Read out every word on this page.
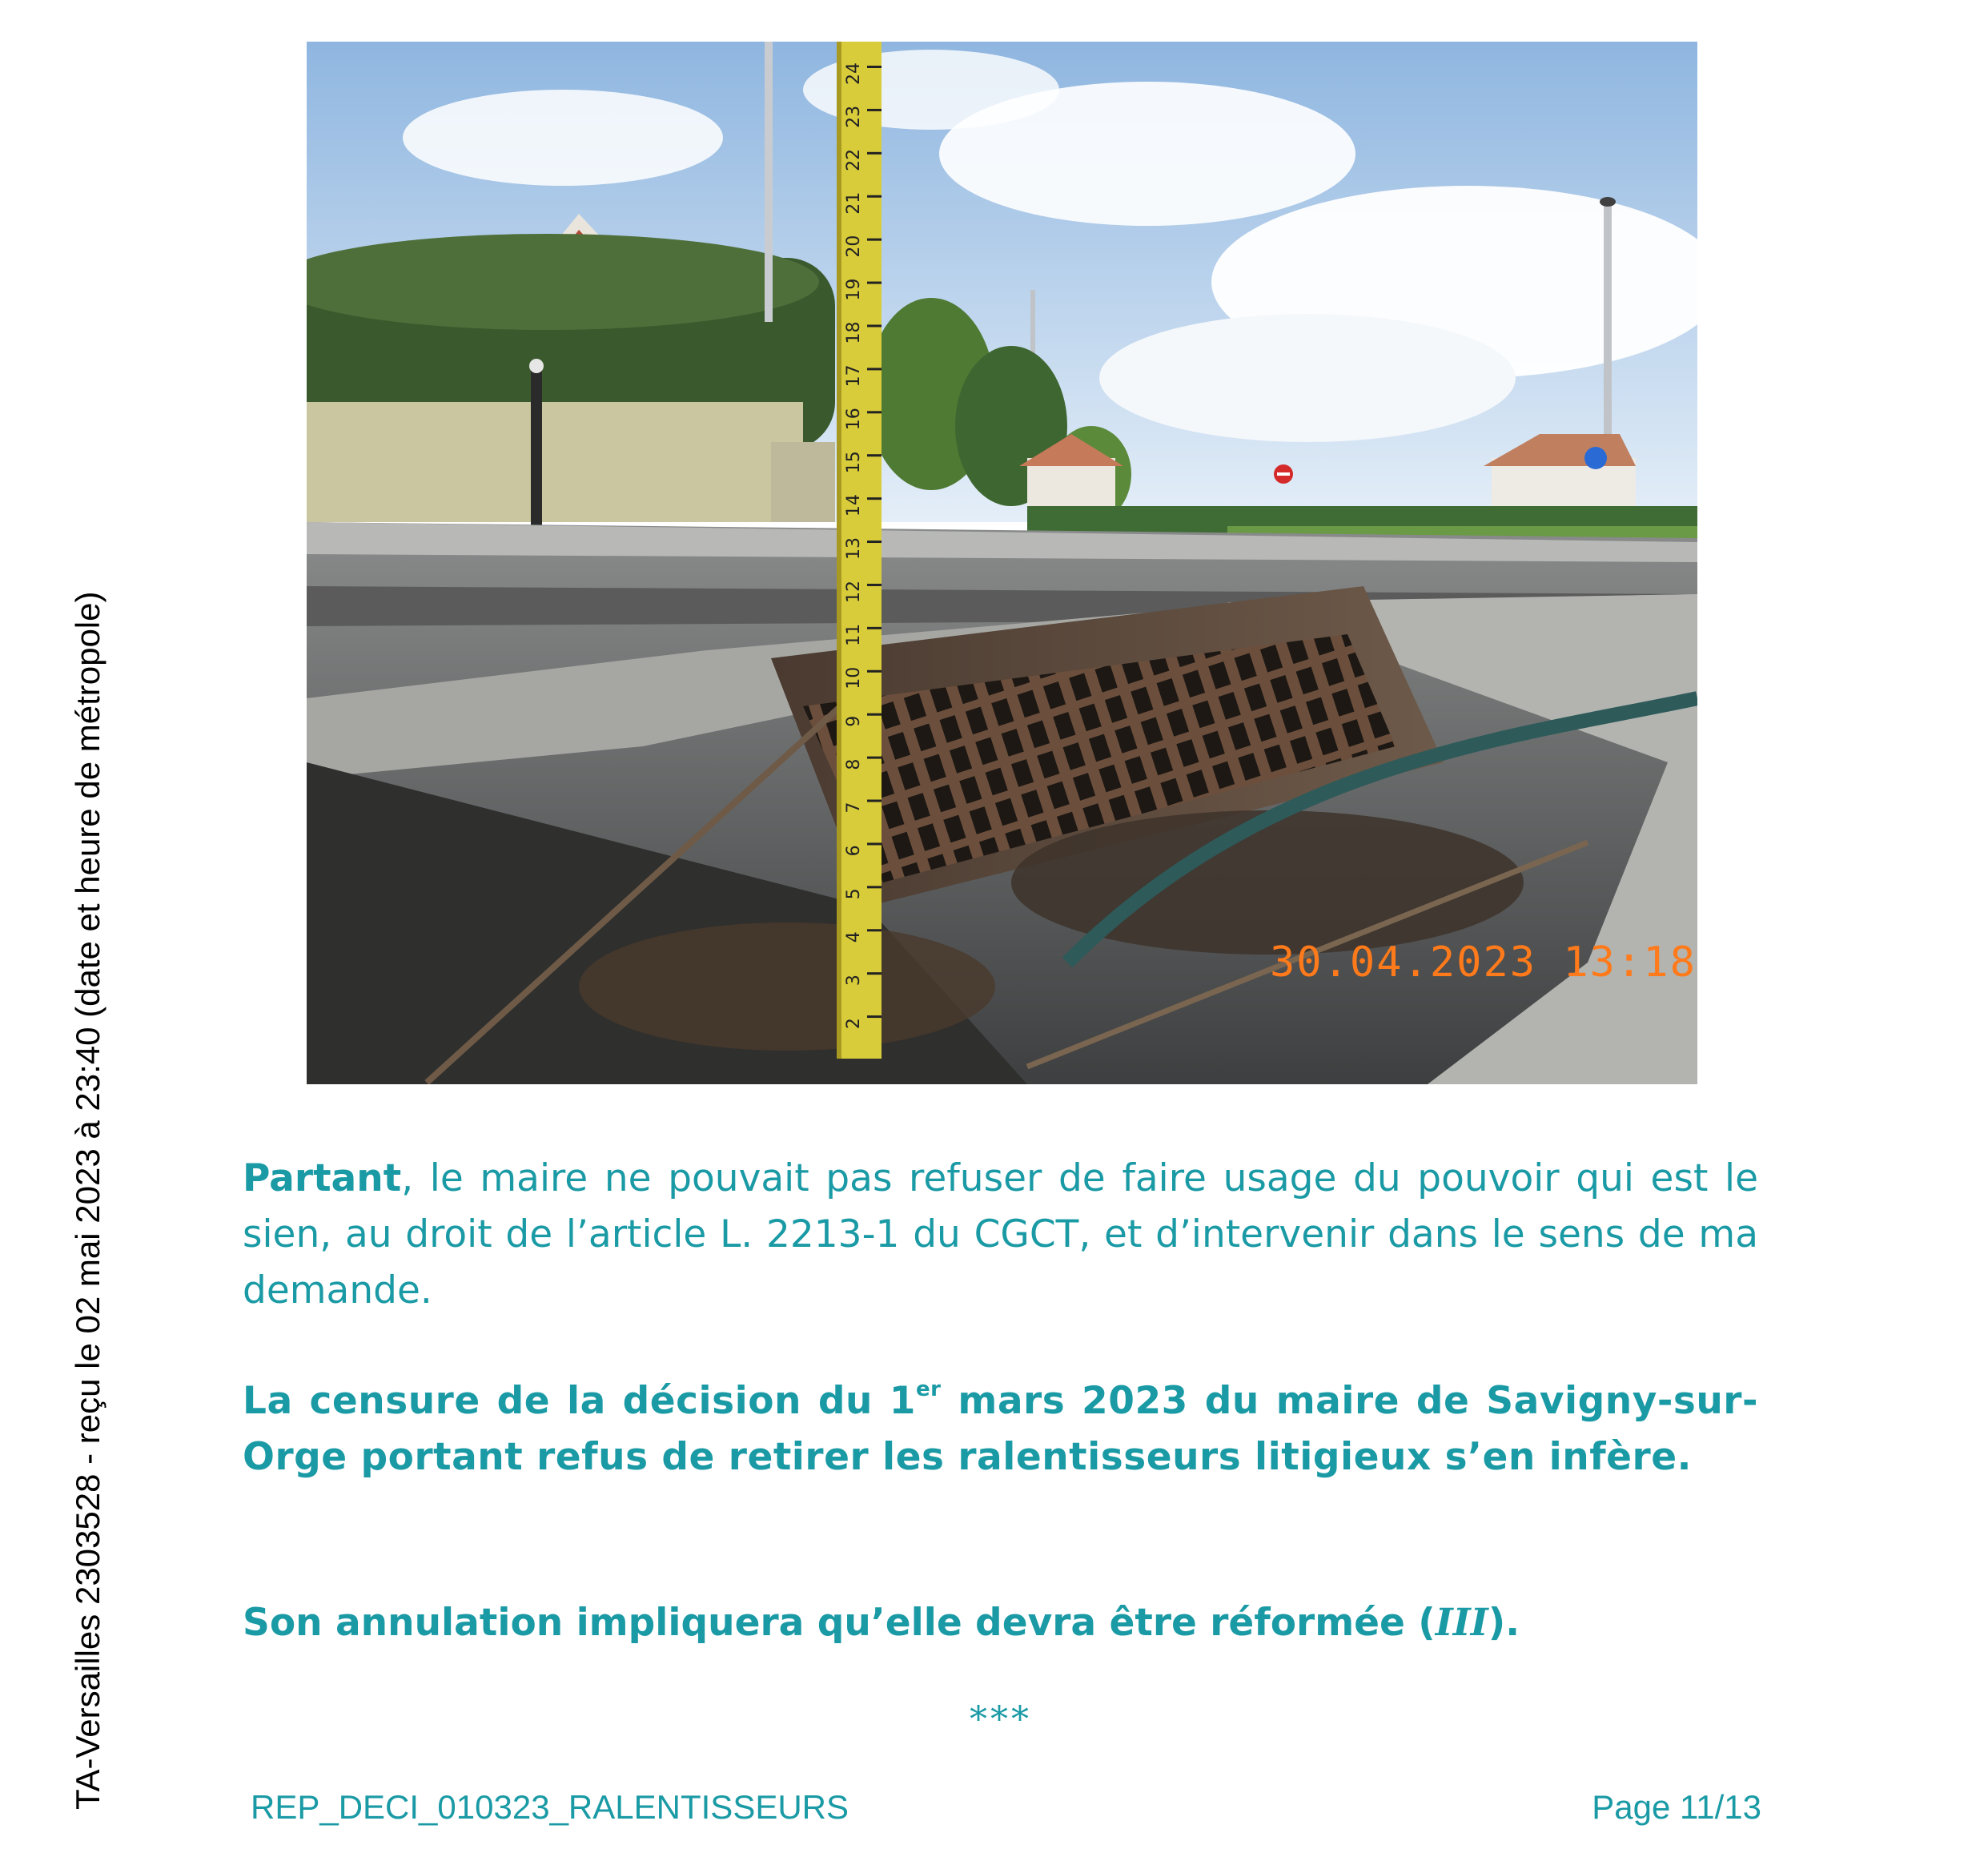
TA-Versailles 2303528 - reçu le 02 mai 2023 à 23:40 (date et heure de métropole)
24
23
22
21
20
19
18
17
16
15
14
13
12
11
10
9
8
7
6
5
4
3
2
30.04.2023 13:18
Partant, le maire ne pouvait pas refuser de faire usage du pouvoir qui est le sien, au droit de l’article L. 2213-1 du CGCT, et d’intervenir dans le sens de ma demande.
La censure de la décision du 1er mars 2023 du maire de Savigny-sur-Orge portant refus de retirer les ralentisseurs litigieux s’en infère.
Son annulation impliquera qu’elle devra être réformée (III).
***
REP_DECI_010323_RALENTISSEURS	Page 11/13
